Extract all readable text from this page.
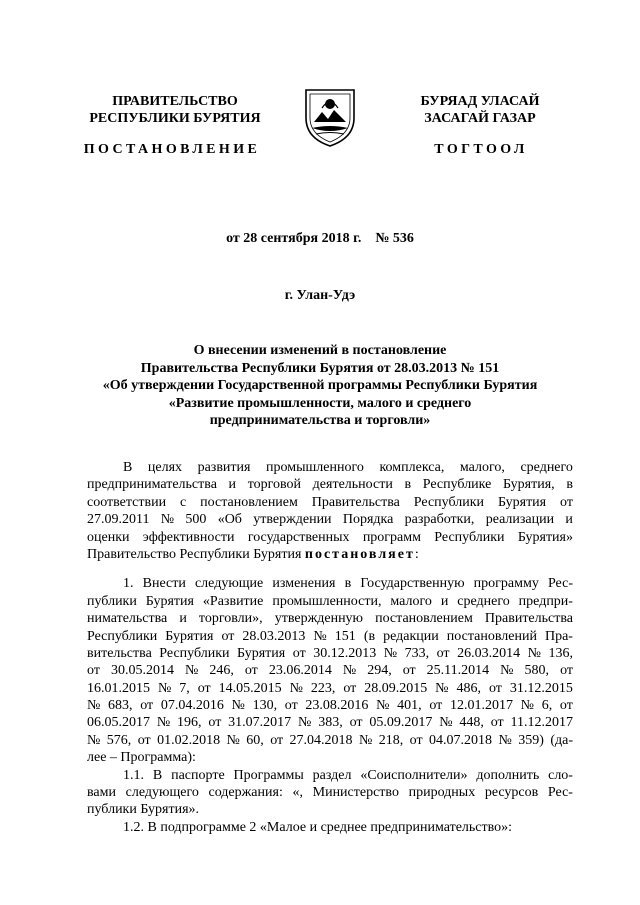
ПРАВИТЕЛЬСТВО
РЕСПУБЛИКИ БУРЯТИЯ
БУРЯАД УЛАСАЙ
ЗАСАГАЙ ГАЗАР
ПОСТАНОВЛЕНИЕ	ТОГТООЛ
от 28 сентября 2018 г. № 536
г. Улан-Удэ
О внесении изменений в постановление
Правительства Республики Бурятия от 28.03.2013 № 151
«Об утверждении Государственной программы Республики Бурятия
«Развитие промышленности, малого и среднего
предпринимательства и торговли»
В целях развития промышленного комплекса, малого, среднего
предпринимательства и торговой деятельности в Республике Бурятия, в
соответствии с постановлением Правительства Республики Бурятия от
27.09.2011 № 500 «Об утверждении Порядка разработки, реализации и
оценки эффективности государственных программ Республики Бурятия»
Правительство Республики Бурятия постановляет :
1. Внести следующие изменения в Государственную программу Рес-
публики Бурятия «Развитие промышленности, малого и среднего предпри-
нимательства и торговли», утвержденную постановлением Правительства
Республики Бурятия от 28.03.2013 № 151 (в редакции постановлений Пра-
вительства Республики Бурятия от 30.12.2013 № 733, от 26.03.2014 № 136,
от 30.05.2014 № 246, от 23.06.2014 № 294, от 25.11.2014 № 580, от
16.01.2015 № 7, от 14.05.2015 № 223, от 28.09.2015 № 486, от 31.12.2015
№ 683, от 07.04.2016 № 130, от 23.08.2016 № 401, от 12.01.2017 № 6, от
06.05.2017 № 196, от 31.07.2017 № 383, от 05.09.2017 № 448, от 11.12.2017
№ 576, от 01.02.2018 № 60, от 27.04.2018 № 218, от 04.07.2018 № 359) (да-
лее – Программа):
1.1. В паспорте Программы раздел «Соисполнители» дополнить сло-
вами следующего содержания: «, Министерство природных ресурсов Рес-
публики Бурятия».
1.2. В подпрограмме 2 «Малое и среднее предпринимательство»:
